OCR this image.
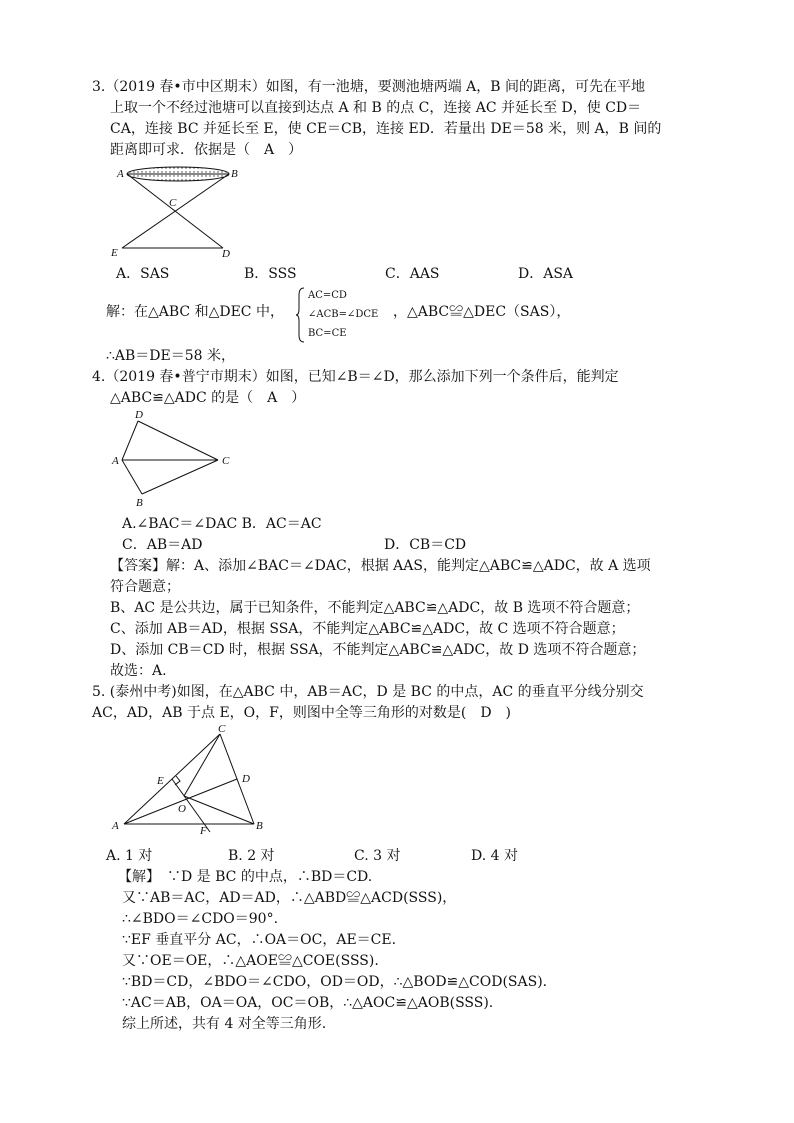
3.（2019 春•市中区期末）如图，有一池塘，要测池塘两端 A，B 间的距离，可先在平地
上取一个不经过池塘可以直接到达点 A 和 B 的点 C，连接 AC 并延长至 D，使 CD＝
CA，连接 BC 并延长至 E，使 CE＝CB，连接 ED．若量出 DE＝58 米，则 A，B 间的
距离即可求．依据是（　A　）
A	B
C
E	D
A．SAS	B．SSS	C．AAS	D．ASA
解：在△ABC 和△DEC 中，
AC=CD
∠ACB=∠DCE
BC=CE
，△ABC≌△DEC（SAS），
∴AB＝DE＝58 米，
4.（2019 春•普宁市期末）如图，已知∠B＝∠D，那么添加下列一个条件后，能判定
△ABC≌△ADC 的是（　A　）
D
A	C
B
A.∠BAC＝∠DAC B．AC＝AC
C．AB＝AD	D．CB＝CD
【答案】解：A、添加∠BAC＝∠DAC，根据 AAS，能判定△ABC≌△ADC，故 A 选项
符合题意；
B、AC 是公共边，属于已知条件，不能判定△ABC≌△ADC，故 B 选项不符合题意；
C、添加 AB＝AD，根据 SSA，不能判定△ABC≌△ADC，故 C 选项不符合题意；
D、添加 CB＝CD 时，根据 SSA，不能判定△ABC≌△ADC，故 D 选项不符合题意；
故选：A.
5. (泰州中考)如图，在△ABC 中，AB＝AC，D 是 BC 的中点，AC 的垂直平分线分别交
AC，AD，AB 于点 E，O，F，则图中全等三角形的对数是(　D　)
C
E	D
O
A	F	B
A. 1 对	B. 2 对	C. 3 对	D. 4 对
【解】　∵D 是 BC 的中点，∴BD＝CD.
又∵AB＝AC，AD＝AD，∴△ABD≌△ACD(SSS)，
∴∠BDO＝∠CDO＝90°.
∵EF 垂直平分 AC，∴OA＝OC，AE＝CE.
又∵OE＝OE，∴△AOE≌△COE(SSS).
∵BD＝CD，∠BDO＝∠CDO，OD＝OD，∴△BOD≌△COD(SAS).
∵AC＝AB，OA＝OA，OC＝OB，∴△AOC≌△AOB(SSS).
综上所述，共有 4 对全等三角形.
